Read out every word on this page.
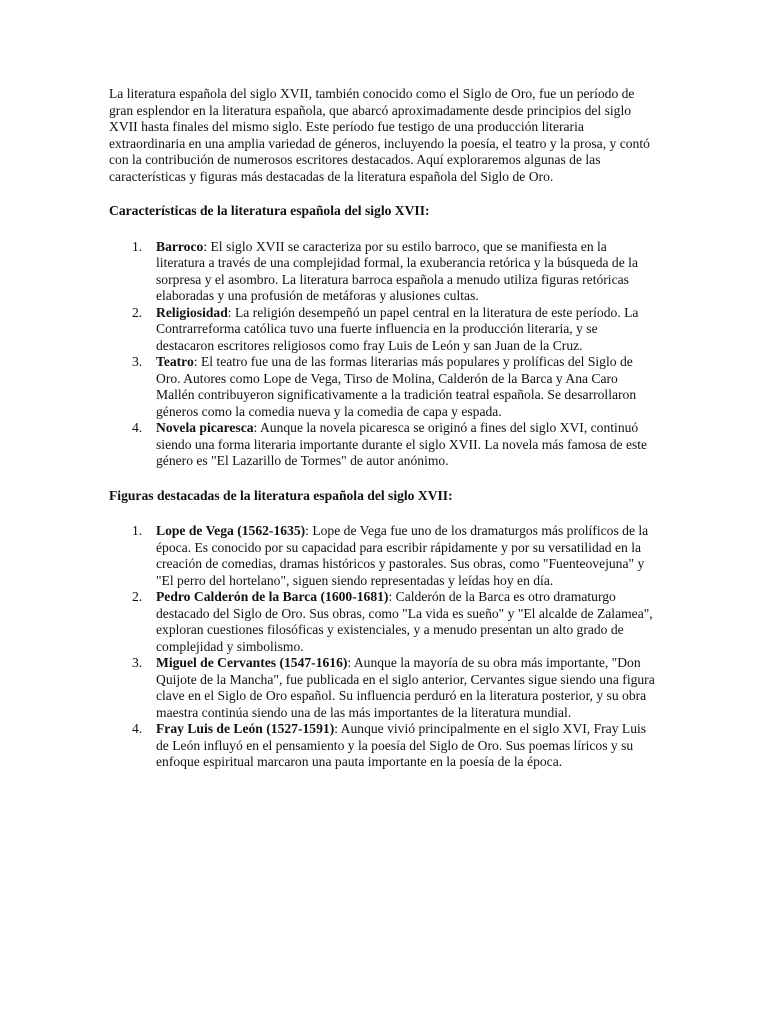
La literatura española del siglo XVII, también conocido como el Siglo de Oro, fue un período de gran esplendor en la literatura española, que abarcó aproximadamente desde principios del siglo XVII hasta finales del mismo siglo. Este período fue testigo de una producción literaria extraordinaria en una amplia variedad de géneros, incluyendo la poesía, el teatro y la prosa, y contó con la contribución de numerosos escritores destacados. Aquí exploraremos algunas de las características y figuras más destacadas de la literatura española del Siglo de Oro.

Características de la literatura española del siglo XVII:
1. Barroco: El siglo XVII se caracteriza por su estilo barroco, que se manifiesta en la literatura a través de una complejidad formal, la exuberancia retórica y la búsqueda de la sorpresa y el asombro. La literatura barroca española a menudo utiliza figuras retóricas elaboradas y una profusión de metáforas y alusiones cultas.
2. Religiosidad: La religión desempeñó un papel central en la literatura de este período. La Contrarreforma católica tuvo una fuerte influencia en la producción literaria, y se destacaron escritores religiosos como fray Luis de León y san Juan de la Cruz.
3. Teatro: El teatro fue una de las formas literarias más populares y prolíficas del Siglo de Oro. Autores como Lope de Vega, Tirso de Molina, Calderón de la Barca y Ana Caro Mallén contribuyeron significativamente a la tradición teatral española. Se desarrollaron géneros como la comedia nueva y la comedia de capa y espada.
4. Novela picaresca: Aunque la novela picaresca se originó a fines del siglo XVI, continuó siendo una forma literaria importante durante el siglo XVII. La novela más famosa de este género es "El Lazarillo de Tormes" de autor anónimo.
Figuras destacadas de la literatura española del siglo XVII:
1. Lope de Vega (1562-1635): Lope de Vega fue uno de los dramaturgos más prolíficos de la época. Es conocido por su capacidad para escribir rápidamente y por su versatilidad en la creación de comedias, dramas históricos y pastorales. Sus obras, como "Fuenteovejuna" y "El perro del hortelano", siguen siendo representadas y leídas hoy en día.
2. Pedro Calderón de la Barca (1600-1681): Calderón de la Barca es otro dramaturgo destacado del Siglo de Oro. Sus obras, como "La vida es sueño" y "El alcalde de Zalamea", exploran cuestiones filosóficas y existenciales, y a menudo presentan un alto grado de complejidad y simbolismo.
3. Miguel de Cervantes (1547-1616): Aunque la mayoría de su obra más importante, "Don Quijote de la Mancha", fue publicada en el siglo anterior, Cervantes sigue siendo una figura clave en el Siglo de Oro español. Su influencia perduró en la literatura posterior, y su obra maestra continúa siendo una de las más importantes de la literatura mundial.
4. Fray Luis de León (1527-1591): Aunque vivió principalmente en el siglo XVI, Fray Luis de León influyó en el pensamiento y la poesía del Siglo de Oro. Sus poemas líricos y su enfoque espiritual marcaron una pauta importante en la poesía de la época.
